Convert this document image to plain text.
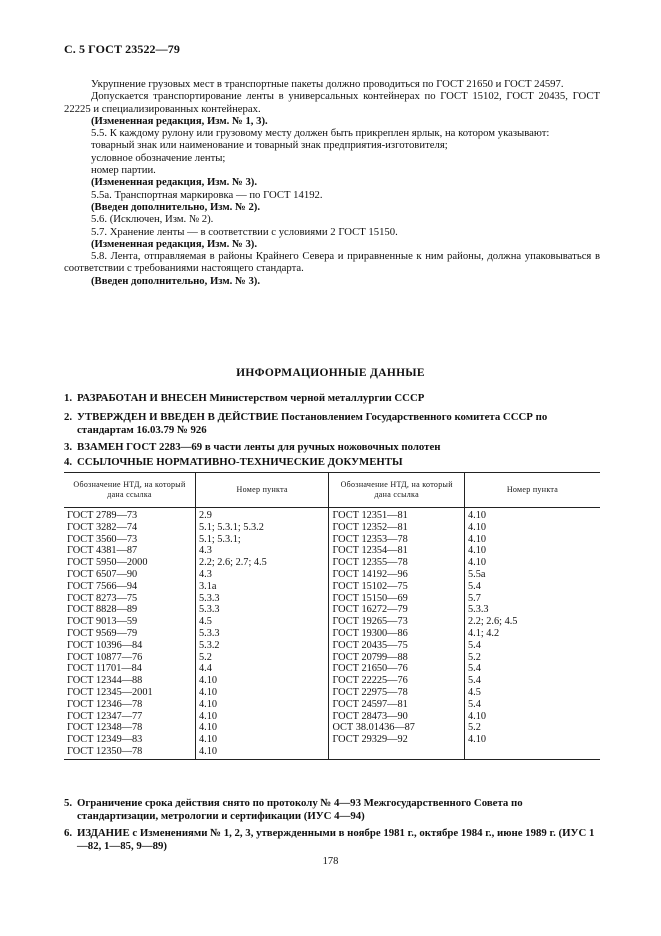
С. 5 ГОСТ 23522—79

Укрупнение грузовых мест в транспортные пакеты должно проводиться по ГОСТ 21650 и ГОСТ 24597.

Допускается транспортирование ленты в универсальных контейнерах по ГОСТ 15102, ГОСТ 20435, ГОСТ 22225 и специализированных контейнерах.

(Измененная редакция, Изм. № 1, 3).

5.5. К каждому рулону или грузовому месту должен быть прикреплен ярлык, на котором указывают:

товарный знак или наименование и товарный знак предприятия-изготовителя;

условное обозначение ленты;

номер партии.

(Измененная редакция, Изм. № 3).

5.5а. Транспортная маркировка — по ГОСТ 14192.

(Введен дополнительно, Изм. № 2).

5.6. (Исключен, Изм. № 2).

5.7. Хранение ленты — в соответствии с условиями 2 ГОСТ 15150.

(Измененная редакция, Изм. № 3).

5.8. Лента, отправляемая в районы Крайнего Севера и приравненные к ним районы, должна упаковываться в соответствии с требованиями настоящего стандарта.

(Введен дополнительно, Изм. № 3).

ИНФОРМАЦИОННЫЕ ДАННЫЕ
1. РАЗРАБОТАН И ВНЕСЕН Министерством черной металлургии СССР
2. УТВЕРЖДЕН И ВВЕДЕН В ДЕЙСТВИЕ Постановлением Государственного комитета СССР по стандартам 16.03.79 № 926
3. ВЗАМЕН ГОСТ 2283—69 в части ленты для ручных ножовочных полотен
4. ССЫЛОЧНЫЕ НОРМАТИВНО-ТЕХНИЧЕСКИЕ ДОКУМЕНТЫ
Обозначение НТД, на который дана ссылка	Номер пункта	Обозначение НТД, на который дана ссылка	Номер пункта
ГОСТ 2789—73	2.9	ГОСТ 12351—81	4.10
ГОСТ 3282—74	5.1; 5.3.1; 5.3.2	ГОСТ 12352—81	4.10
ГОСТ 3560—73	5.1; 5.3.1;	ГОСТ 12353—78	4.10
ГОСТ 4381—87	4.3	ГОСТ 12354—81	4.10
ГОСТ 5950—2000	2.2; 2.6; 2.7; 4.5	ГОСТ 12355—78	4.10
ГОСТ 6507—90	4.3	ГОСТ 14192—96	5.5а
ГОСТ 7566—94	3.1а	ГОСТ 15102—75	5.4
ГОСТ 8273—75	5.3.3	ГОСТ 15150—69	5.7
ГОСТ 8828—89	5.3.3	ГОСТ 16272—79	5.3.3
ГОСТ 9013—59	4.5	ГОСТ 19265—73	2.2; 2.6; 4.5
ГОСТ 9569—79	5.3.3	ГОСТ 19300—86	4.1; 4.2
ГОСТ 10396—84	5.3.2	ГОСТ 20435—75	5.4
ГОСТ 10877—76	5.2	ГОСТ 20799—88	5.2
ГОСТ 11701—84	4.4	ГОСТ 21650—76	5.4
ГОСТ 12344—88	4.10	ГОСТ 22225—76	5.4
ГОСТ 12345—2001	4.10	ГОСТ 22975—78	4.5
ГОСТ 12346—78	4.10	ГОСТ 24597—81	5.4
ГОСТ 12347—77	4.10	ГОСТ 28473—90	4.10
ГОСТ 12348—78	4.10	ОСТ 38.01436—87	5.2
ГОСТ 12349—83	4.10	ГОСТ 29329—92	4.10
ГОСТ 12350—78	4.10		
5. Ограничение срока действия снято по протоколу № 4—93 Межгосударственного Совета по стандартизации, метрологии и сертификации (ИУС 4—94)
6. ИЗДАНИЕ с Изменениями № 1, 2, 3, утвержденными в ноябре 1981 г., октябре 1984 г., июне 1989 г. (ИУС 1—82, 1—85, 9—89)
178
